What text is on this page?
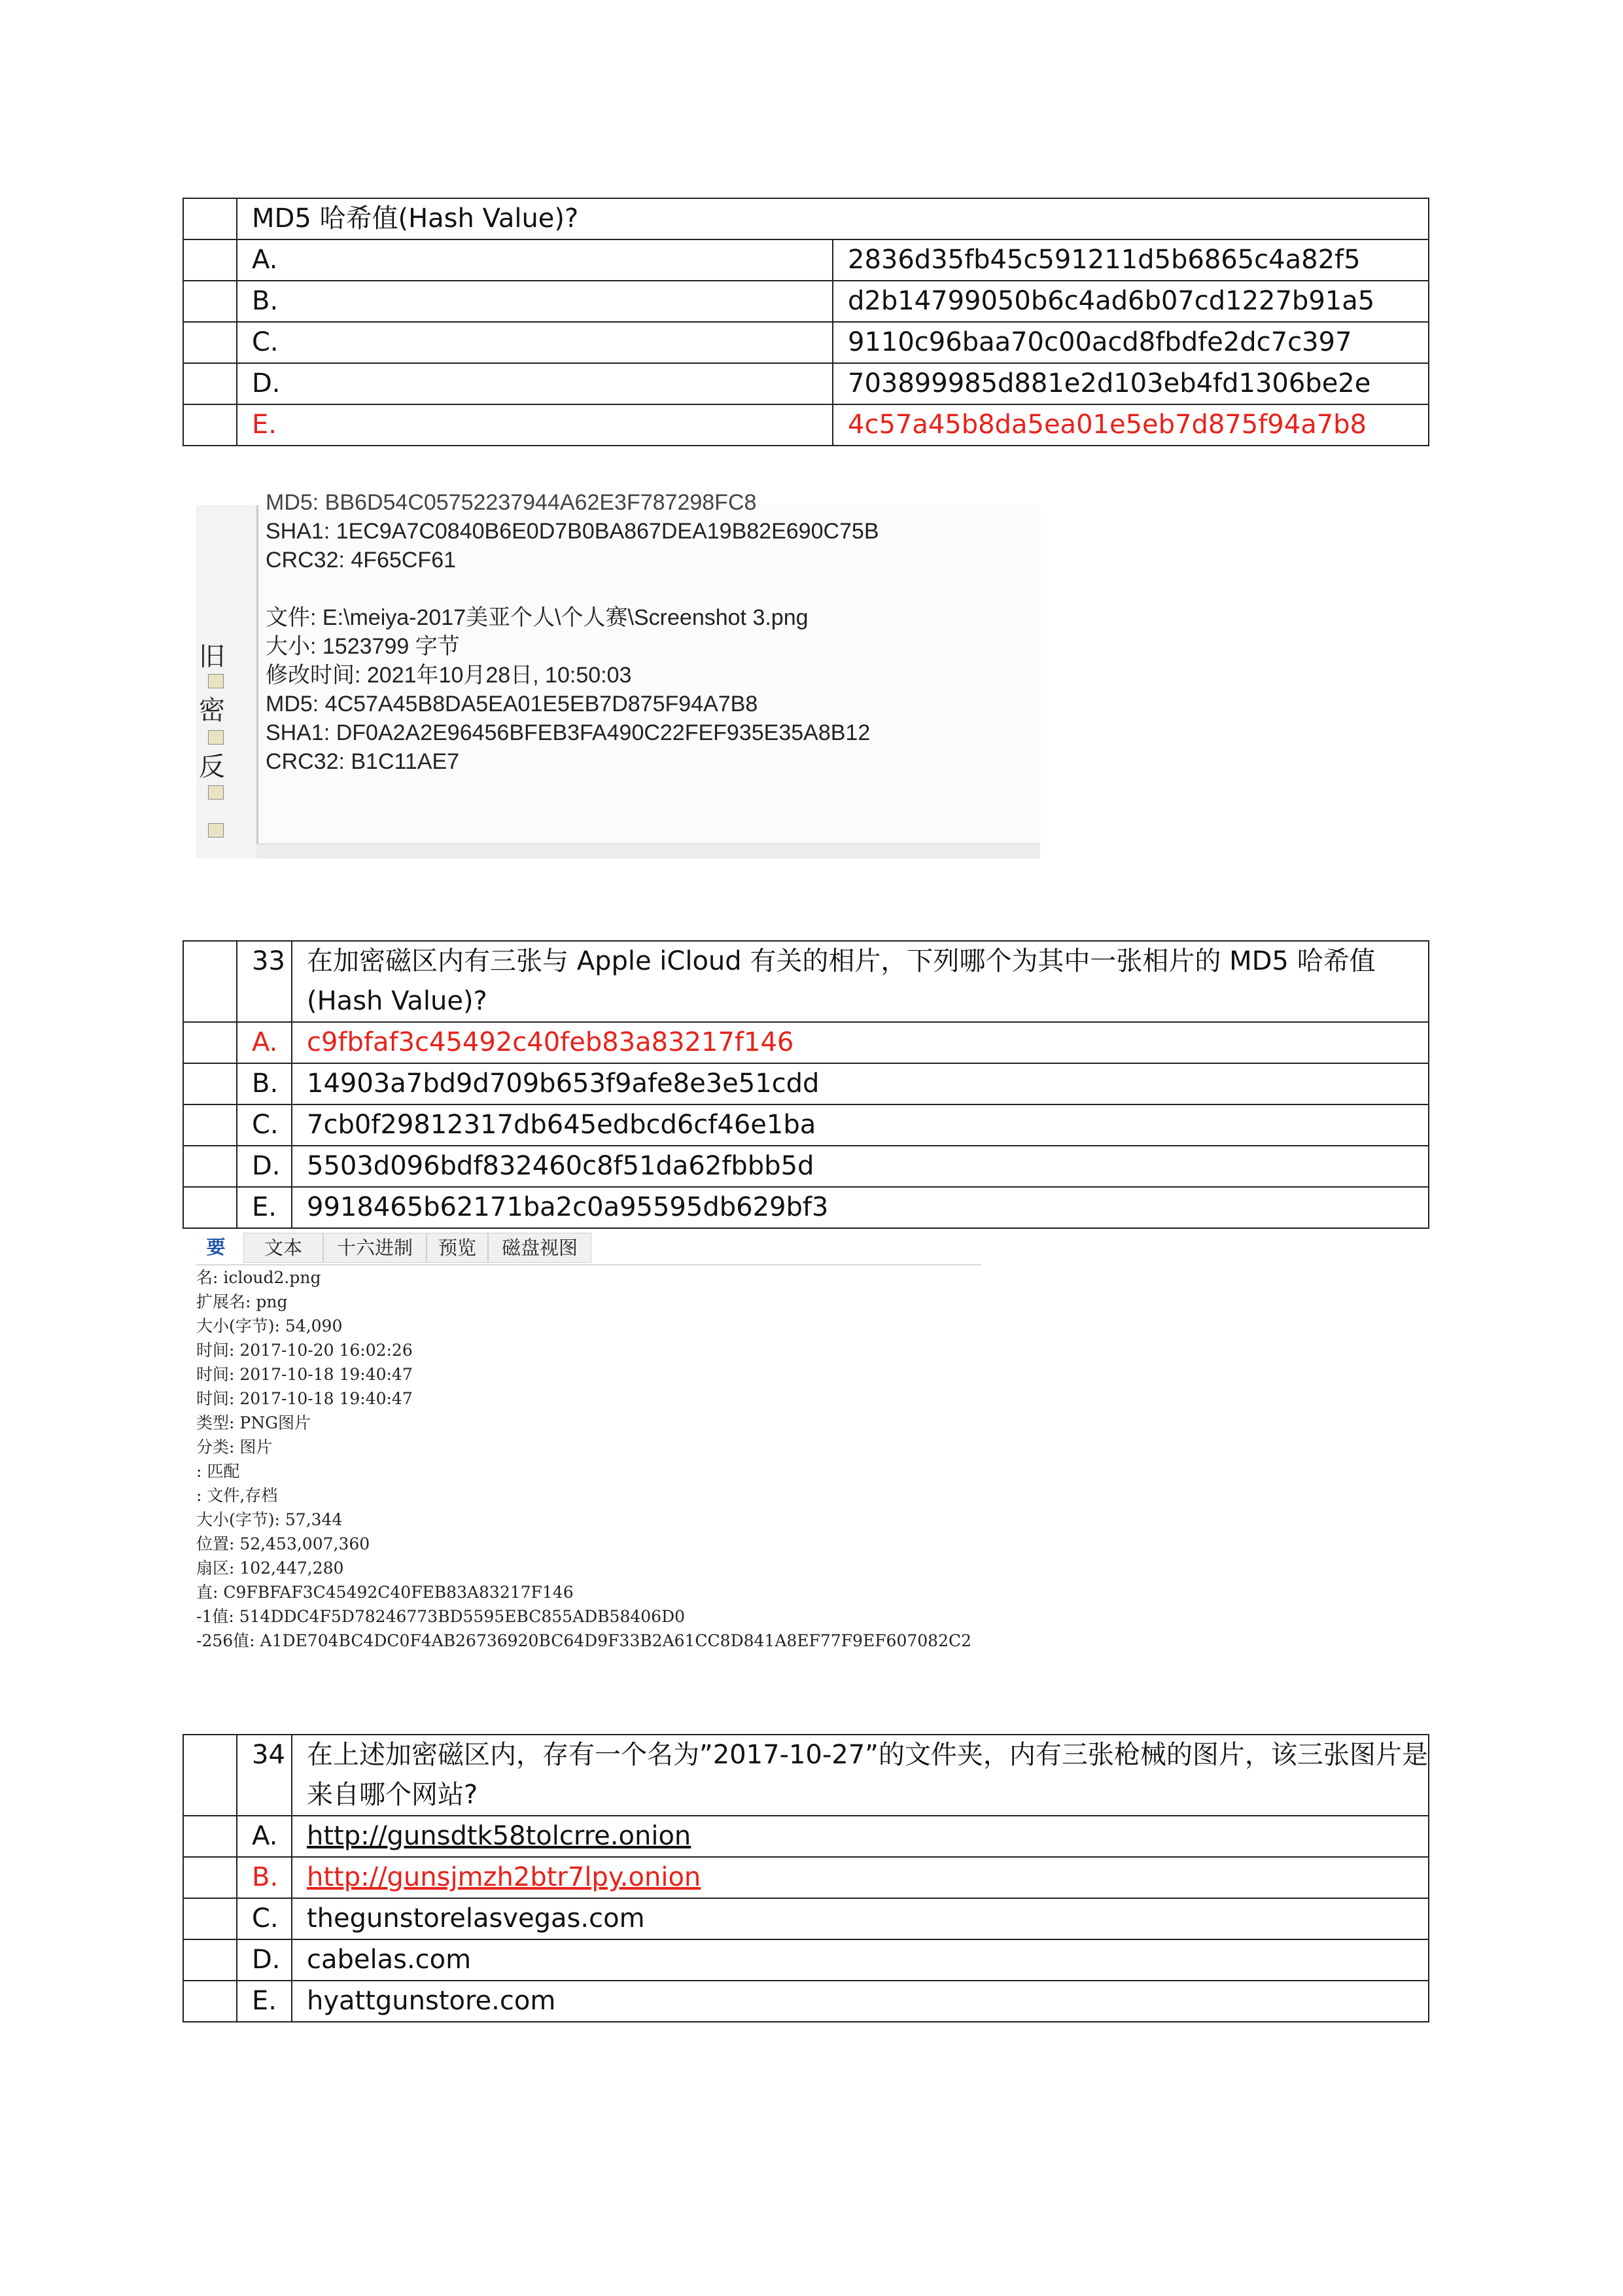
	MD5 哈希值(Hash Value)?	
	A.	2836d35fb45c591211d5b6865c4a82f5
	B.	d2b14799050b6c4ad6b07cd1227b91a5
	C.	9110c96baa70c00acd8fbdfe2dc7c397
	D.	703899985d881e2d103eb4fd1306be2e
	E.	4c57a45b8da5ea01e5eb7d875f94a7b8
旧
密
反
MD5: BB6D54C05752237944A62E3F787298FC8
SHA1: 1EC9A7C0840B6E0D7B0BA867DEA19B82E690C75B
CRC32: 4F65CF61
文件: E:\meiya-2017美亚个人\个人赛\Screenshot 3.png
大小: 1523799 字节
修改时间: 2021年10月28日, 10:50:03
MD5: 4C57A45B8DA5EA01E5EB7D875F94A7B8
SHA1: DF0A2A2E96456BFEB3FA490C22FEF935E35A8B12
CRC32: B1C11AE7
	33	在加密磁区内有三张与 Apple iCloud 有关的相片，下列哪个为其中一张相片的 MD5 哈希值(Hash Value)?
	A.	c9fbfaf3c45492c40feb83a83217f146
	B.	14903a7bd9d709b653f9afe8e3e51cdd
	C.	7cb0f29812317db645edbcd6cf46e1ba
	D.	5503d096bdf832460c8f51da62fbbb5d
	E.	9918465b62171ba2c0a95595db629bf3
要	文本	十六进制	预览	磁盘视图
名: icloud2.png
扩展名: png
大小(字节): 54,090
时间: 2017-10-20 16:02:26
时间: 2017-10-18 19:40:47
时间: 2017-10-18 19:40:47
类型: PNG图片
分类: 图片
: 匹配
: 文件,存档
大小(字节): 57,344
位置: 52,453,007,360
扇区: 102,447,280
直: C9FBFAF3C45492C40FEB83A83217F146
-1值: 514DDC4F5D78246773BD5595EBC855ADB58406D0
-256值: A1DE704BC4DC0F4AB26736920BC64D9F33B2A61CC8D841A8EF77F9EF607082C2
	34	在上述加密磁区内，存有一个名为”2017-10-27”的文件夹，内有三张枪械的图片，该三张图片是来自哪个网站?
	A.	http://gunsdtk58tolcrre.onion
	B.	http://gunsjmzh2btr7lpy.onion
	C.	thegunstorelasvegas.com
	D.	cabelas.com
	E.	hyattgunstore.com
